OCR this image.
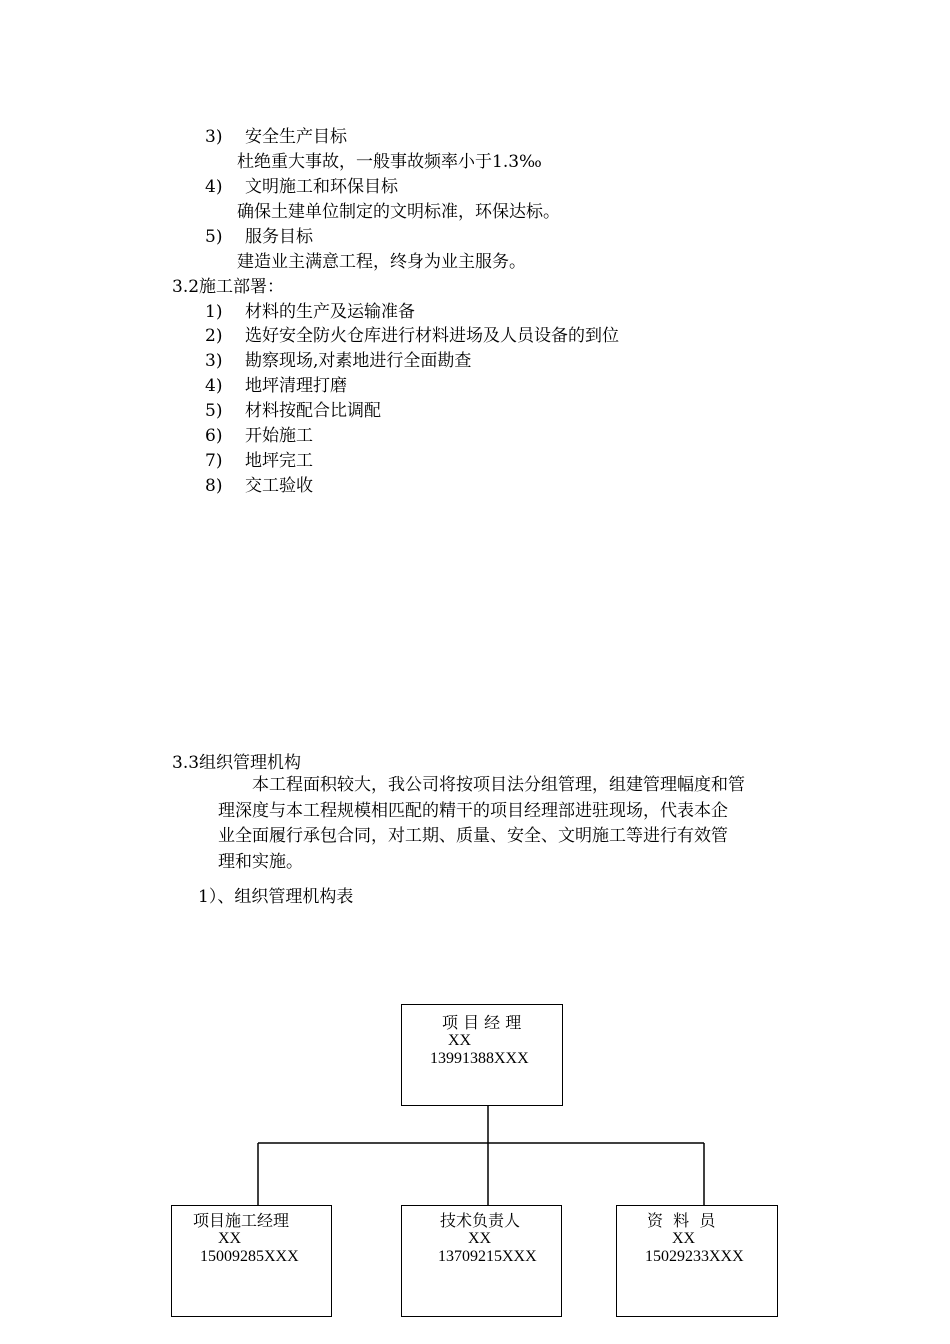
3) 安全生产目标
杜绝重大事故，一般事故频率小于1.3‰
4) 文明施工和环保目标
确保土建单位制定的文明标准，环保达标。
5) 服务目标
建造业主满意工程，终身为业主服务。
3.2施工部署：
1) 材料的生产及运输准备
2) 选好安全防火仓库进行材料进场及人员设备的到位
3) 勘察现场,对素地进行全面勘查
4) 地坪清理打磨
5) 材料按配合比调配
6) 开始施工
7) 地坪完工
8) 交工验收
3.3组织管理机构
　　本工程面积较大，我公司将按项目法分组管理，组建管理幅度和管
理深度与本工程规模相匹配的精干的项目经理部进驻现场，代表本企
业全面履行承包合同，对工期、质量、安全、文明施工等进行有效管
理和实施。
1）、组织管理机构表
项 目 经 理
XX
13991388XXX
项目施工经理
XX
15009285XXX
技术负责人
XX
13709215XXX
资  料  员
XX
15029233XXX
